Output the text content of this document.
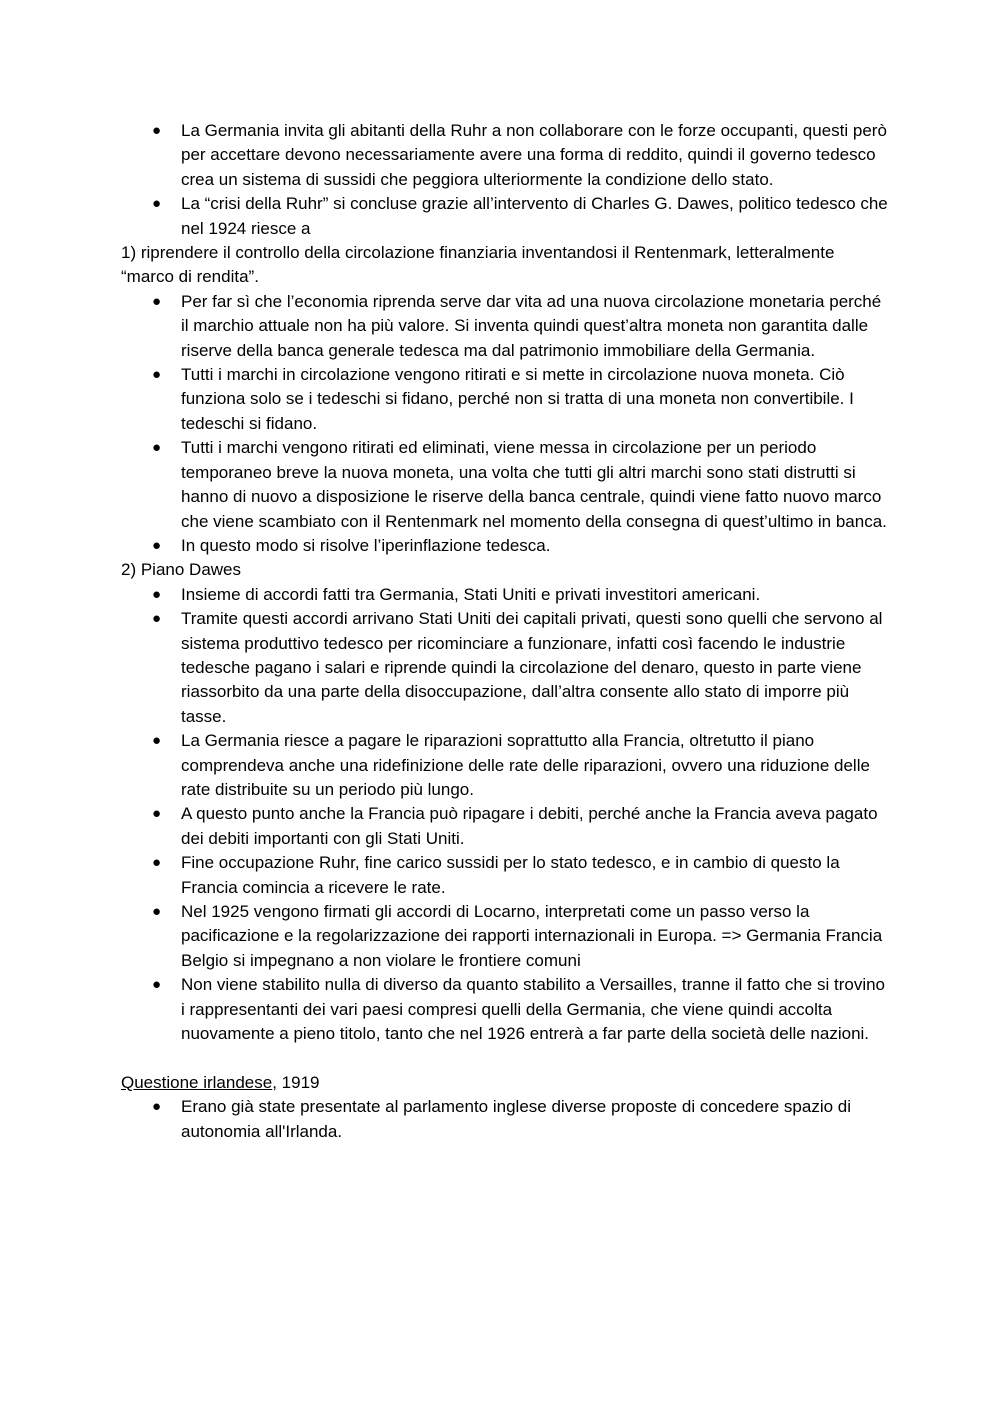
● La Germania invita gli abitanti della Ruhr a non collaborare con le forze occupanti, questi però per accettare devono necessariamente avere una forma di reddito, quindi il governo tedesco crea un sistema di sussidi che peggiora ulteriormente la condizione dello stato.
● La “crisi della Ruhr” si concluse grazie all’intervento di Charles G. Dawes, politico tedesco che nel 1924 riesce a

1) riprendere il controllo della circolazione finanziaria inventandosi il Rentenmark, letteralmente “marco di rendita”.

● Per far sì che l’economia riprenda serve dar vita ad una nuova circolazione monetaria perché il marchio attuale non ha più valore. Si inventa quindi quest’altra moneta non garantita dalle riserve della banca generale tedesca ma dal patrimonio immobiliare della Germania.
● Tutti i marchi in circolazione vengono ritirati e si mette in circolazione nuova moneta. Ciò funziona solo se i tedeschi si fidano, perché non si tratta di una moneta non convertibile. I tedeschi si fidano.
● Tutti i marchi vengono ritirati ed eliminati, viene messa in circolazione per un periodo temporaneo breve la nuova moneta, una volta che tutti gli altri marchi sono stati distrutti si hanno di nuovo a disposizione le riserve della banca centrale, quindi viene fatto nuovo marco che viene scambiato con il Rentenmark nel momento della consegna di quest’ultimo in banca.
● In questo modo si risolve l’iperinflazione tedesca.

2) Piano Dawes

● Insieme di accordi fatti tra Germania, Stati Uniti e privati investitori americani.
● Tramite questi accordi arrivano Stati Uniti dei capitali privati, questi sono quelli che servono al sistema produttivo tedesco per ricominciare a funzionare, infatti così facendo le industrie tedesche pagano i salari e riprende quindi la circolazione del denaro, questo in parte viene riassorbito da una parte della disoccupazione, dall’altra consente allo stato di imporre più tasse.
● La Germania riesce a pagare le riparazioni soprattutto alla Francia, oltretutto il piano comprendeva anche una ridefinizione delle rate delle riparazioni, ovvero una riduzione delle rate distribuite su un periodo più lungo.
● A questo punto anche la Francia può ripagare i debiti, perché anche la Francia aveva pagato dei debiti importanti con gli Stati Uniti.
● Fine occupazione Ruhr, fine carico sussidi per lo stato tedesco, e in cambio di questo la Francia comincia a ricevere le rate.
● Nel 1925 vengono firmati gli accordi di Locarno, interpretati come un passo verso la pacificazione e la regolarizzazione dei rapporti internazionali in Europa. => Germania Francia Belgio si impegnano a non violare le frontiere comuni
● Non viene stabilito nulla di diverso da quanto stabilito a Versailles, tranne il fatto che si trovino i rappresentanti dei vari paesi compresi quelli della Germania, che viene quindi accolta nuovamente a pieno titolo, tanto che nel 1926 entrerà a far parte della società delle nazioni.

Questione irlandese, 1919

● Erano già state presentate al parlamento inglese diverse proposte di concedere spazio di autonomia all'Irlanda.
